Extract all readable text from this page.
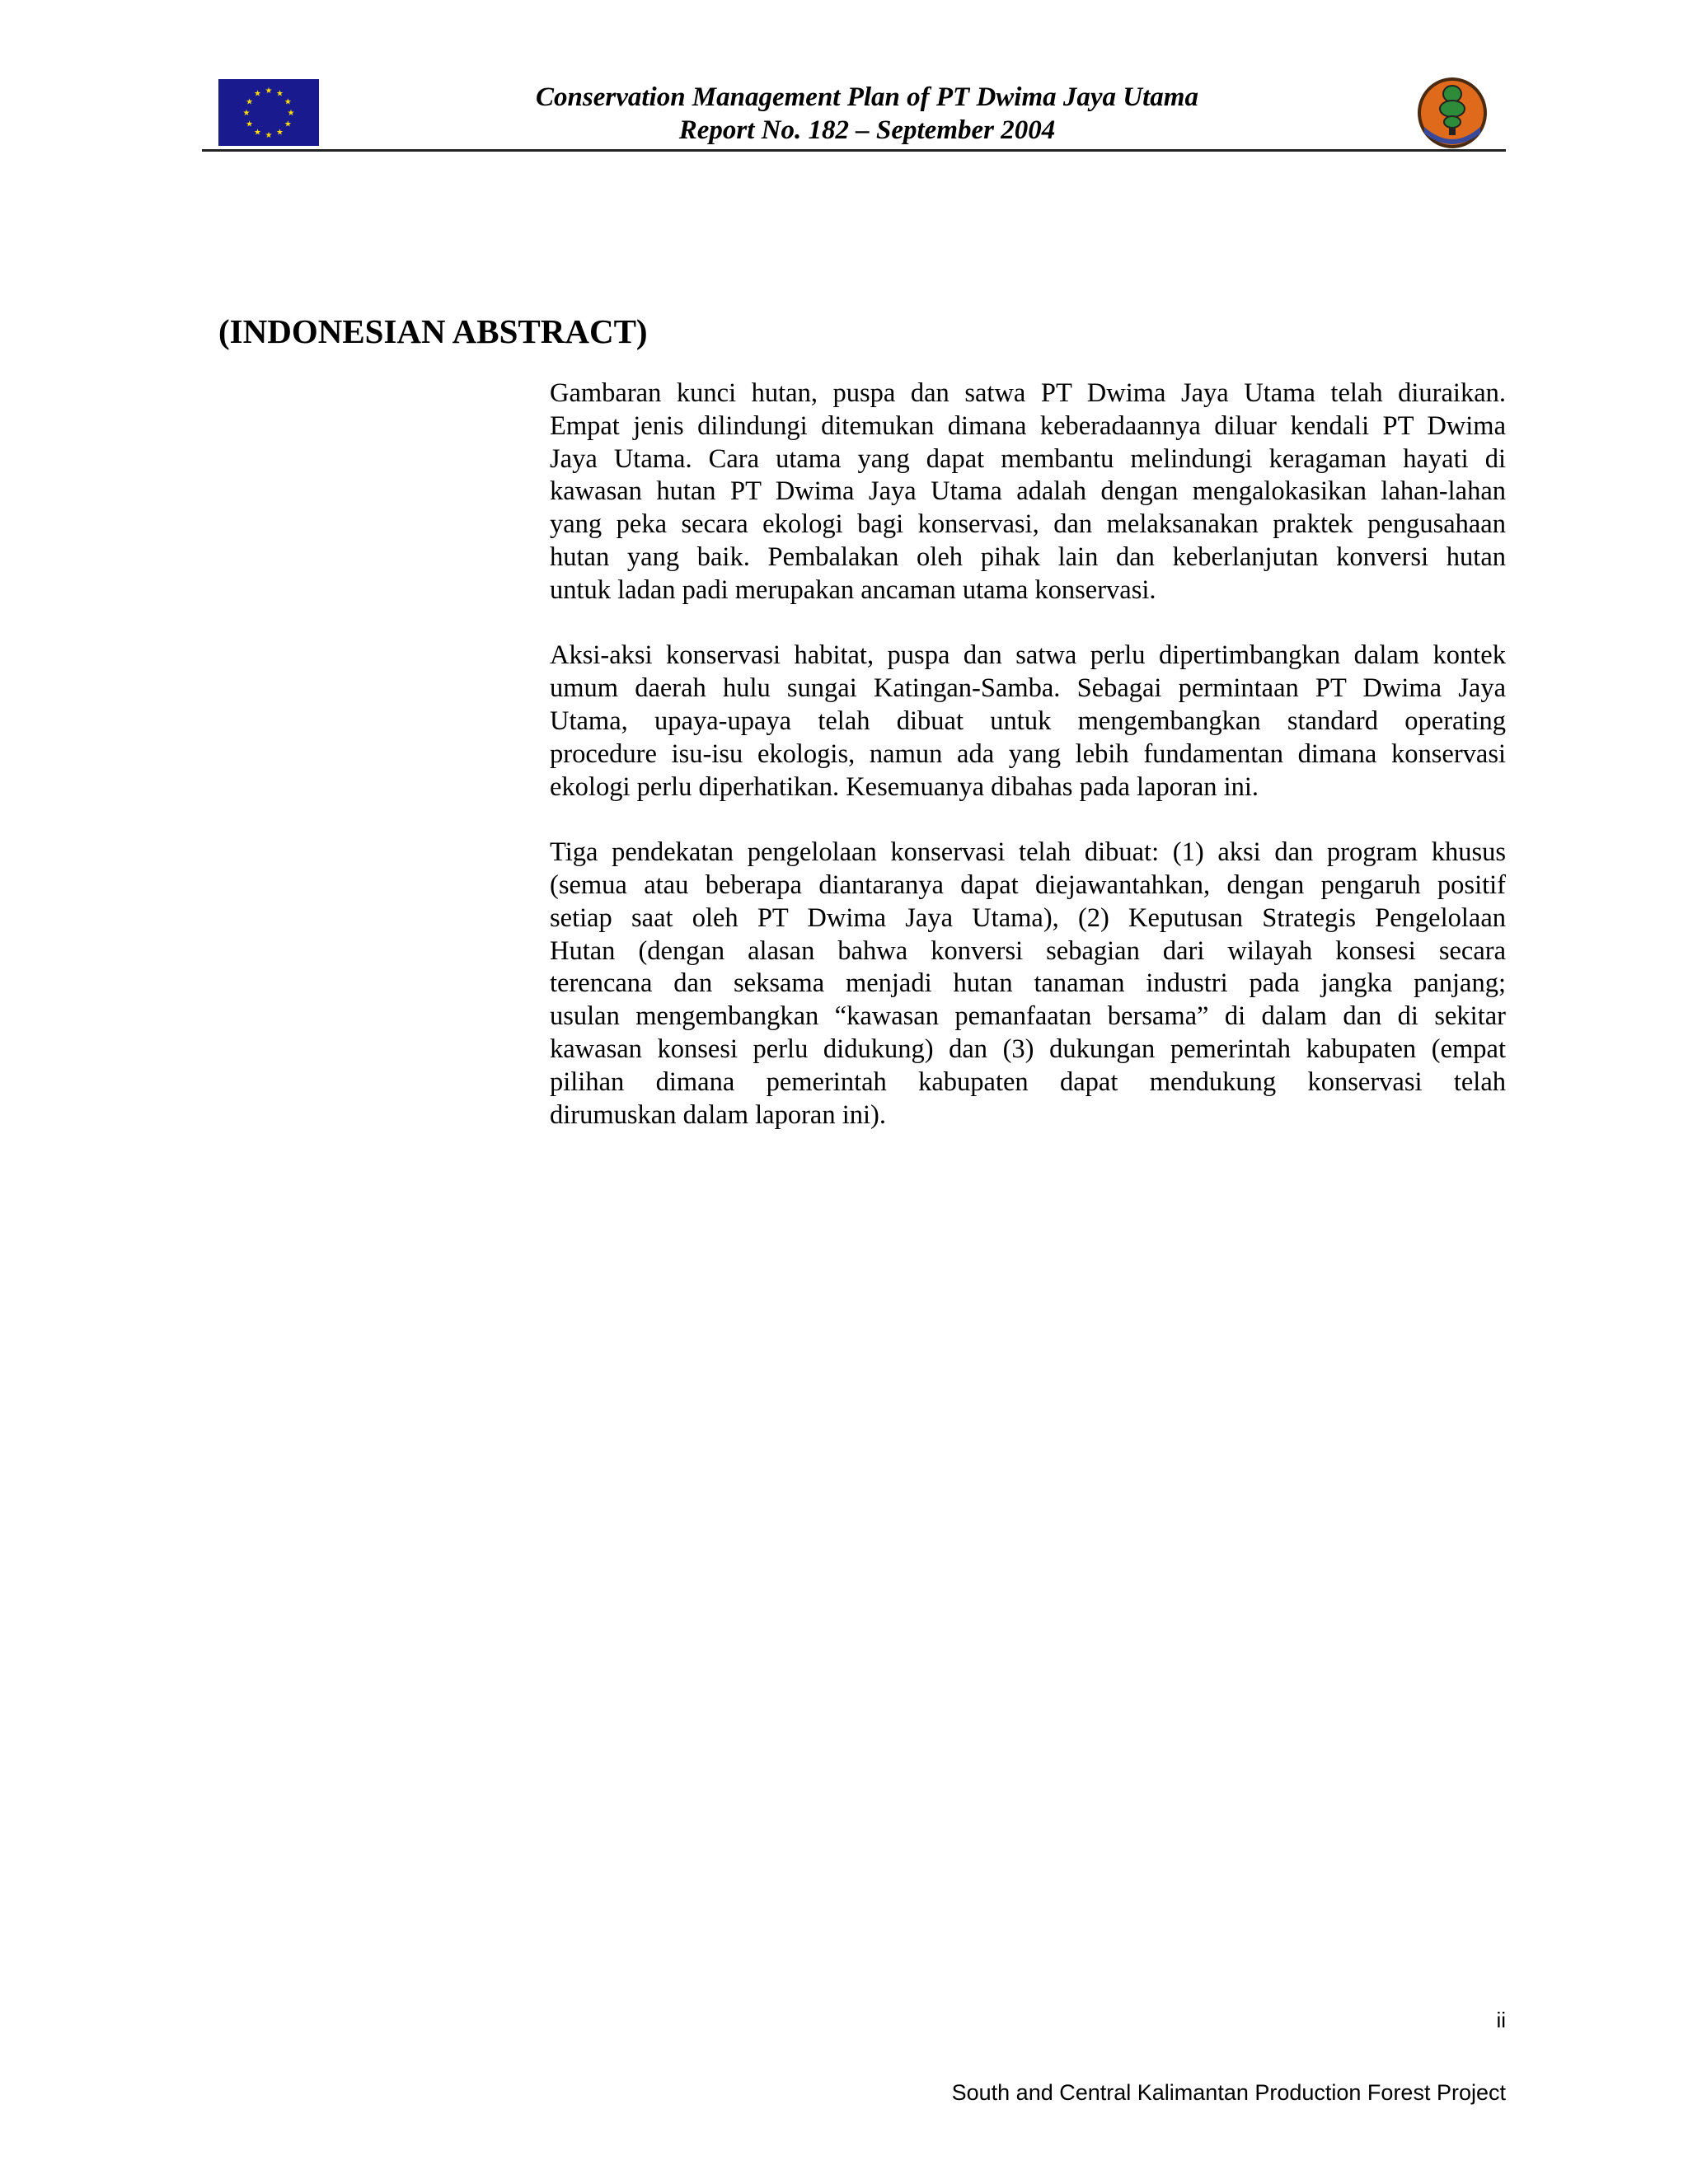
★ ★
★
★
★
★
★
★
★
★
★
★	Conservation Management Plan of PT Dwima Jaya Utama
Report No. 182 – September 2004
(INDONESIAN ABSTRACT)
Gambaran kunci hutan, puspa dan satwa PT Dwima Jaya Utama telah diuraikan.
Empat jenis dilindungi ditemukan dimana keberadaannya diluar kendali PT Dwima
Jaya Utama. Cara utama yang dapat membantu melindungi keragaman hayati di
kawasan hutan PT Dwima Jaya Utama adalah dengan mengalokasikan lahan-lahan
yang peka secara ekologi bagi konservasi, dan melaksanakan praktek pengusahaan
hutan yang baik. Pembalakan oleh pihak lain dan keberlanjutan konversi hutan
untuk ladan padi merupakan ancaman utama konservasi.
Aksi-aksi konservasi habitat, puspa dan satwa perlu dipertimbangkan dalam kontek
umum daerah hulu sungai Katingan-Samba. Sebagai permintaan PT Dwima Jaya
Utama, upaya-upaya telah dibuat untuk mengembangkan standard operating
procedure isu-isu ekologis, namun ada yang lebih fundamentan dimana konservasi
ekologi perlu diperhatikan. Kesemuanya dibahas pada laporan ini.
Tiga pendekatan pengelolaan konservasi telah dibuat: (1) aksi dan program khusus
(semua atau beberapa diantaranya dapat diejawantahkan, dengan pengaruh positif
setiap saat oleh PT Dwima Jaya Utama), (2) Keputusan Strategis Pengelolaan
Hutan (dengan alasan bahwa konversi sebagian dari wilayah konsesi secara
terencana dan seksama menjadi hutan tanaman industri pada jangka panjang;
usulan mengembangkan “kawasan pemanfaatan bersama” di dalam dan di sekitar
kawasan konsesi perlu didukung) dan (3) dukungan pemerintah kabupaten (empat
pilihan dimana pemerintah kabupaten dapat mendukung konservasi telah
dirumuskan dalam laporan ini).
ii
South and Central Kalimantan Production Forest Project
